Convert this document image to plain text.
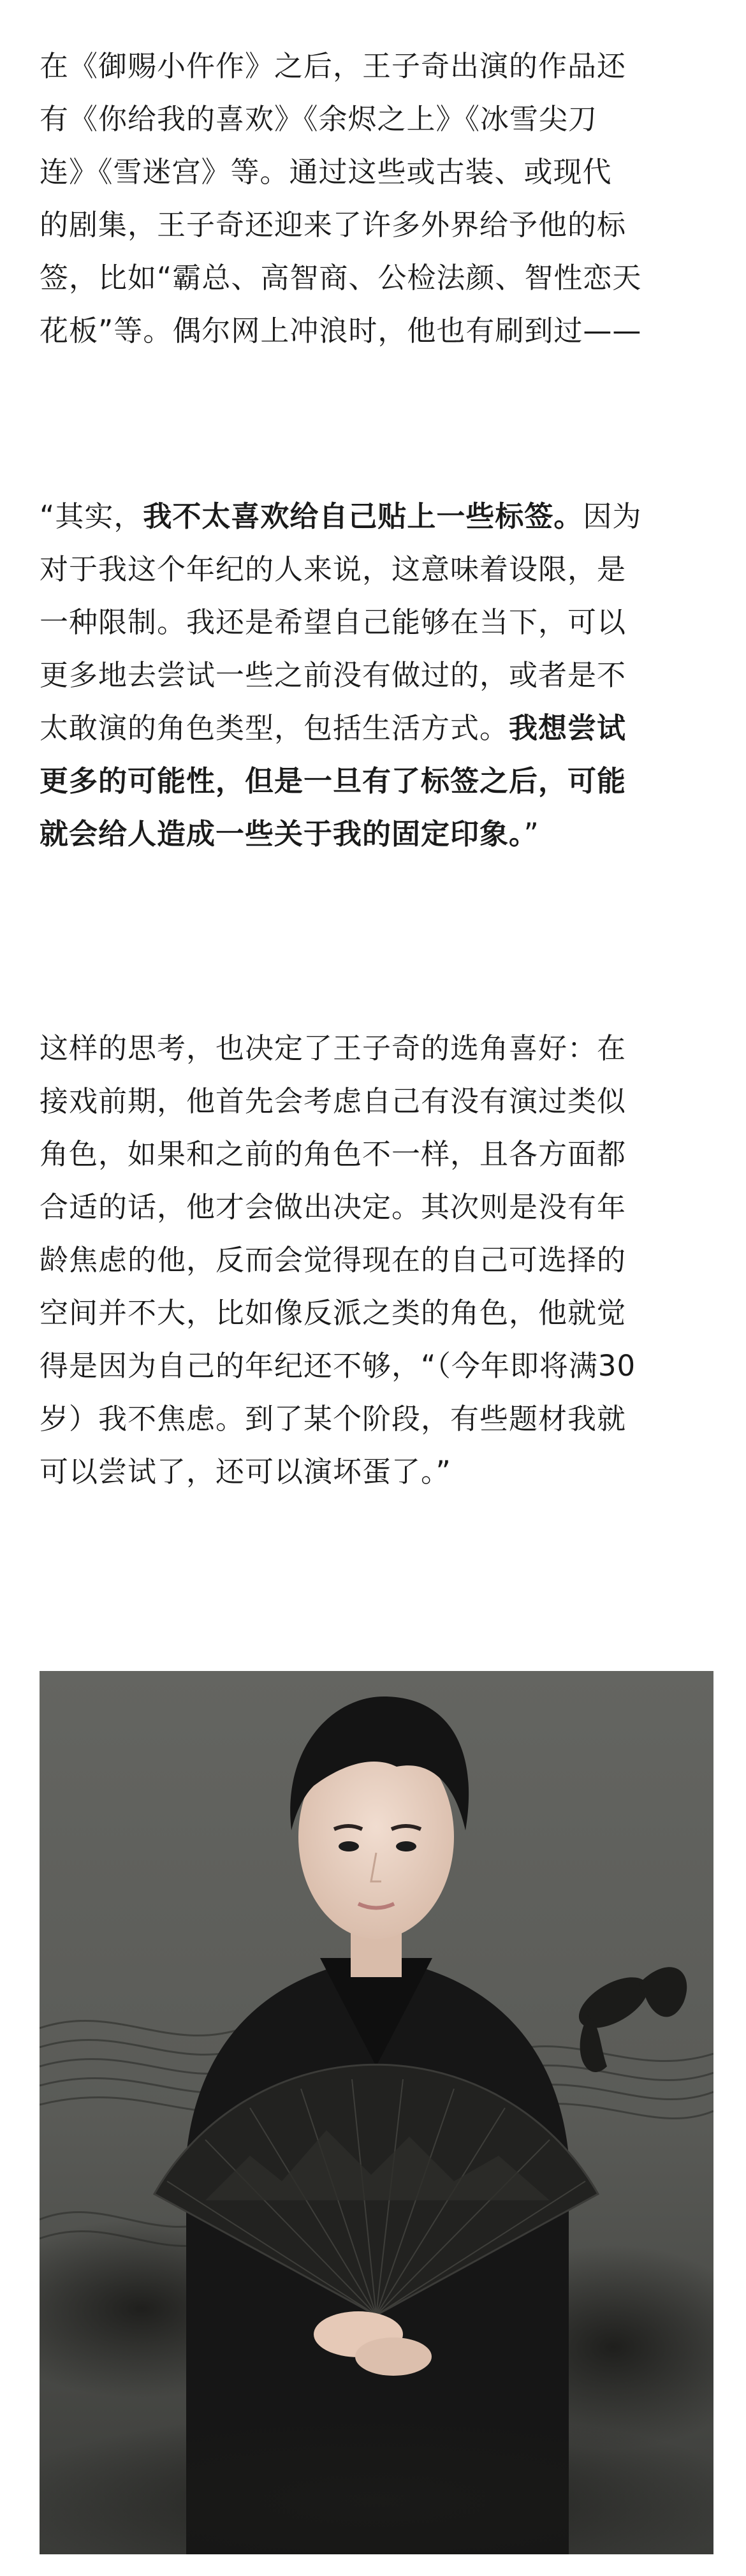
在《御赐小仵作》之后，王子奇出演的作品还
有《你给我的喜欢》《余烬之上》《冰雪尖刀
连》《雪迷宫》等。通过这些或古装、或现代
的剧集，王子奇还迎来了许多外界给予他的标
签，比如“霸总、高智商、公检法颜、智性恋天
花板”等。偶尔网上冲浪时，他也有刷到过——

“其实，我不太喜欢给自己贴上一些标签。因为
对于我这个年纪的人来说，这意味着设限，是
一种限制。我还是希望自己能够在当下，可以
更多地去尝试一些之前没有做过的，或者是不
太敢演的角色类型，包括生活方式。我想尝试
更多的可能性，但是一旦有了标签之后，可能
就会给人造成一些关于我的固定印象。”

这样的思考，也决定了王子奇的选角喜好：在
接戏前期，他首先会考虑自己有没有演过类似
角色，如果和之前的角色不一样，且各方面都
合适的话，他才会做出决定。其次则是没有年
龄焦虑的他，反而会觉得现在的自己可选择的
空间并不大，比如像反派之类的角色，他就觉
得是因为自己的年纪还不够，“（今年即将满30
岁）我不焦虑。到了某个阶段，有些题材我就
可以尝试了，还可以演坏蛋了。”
